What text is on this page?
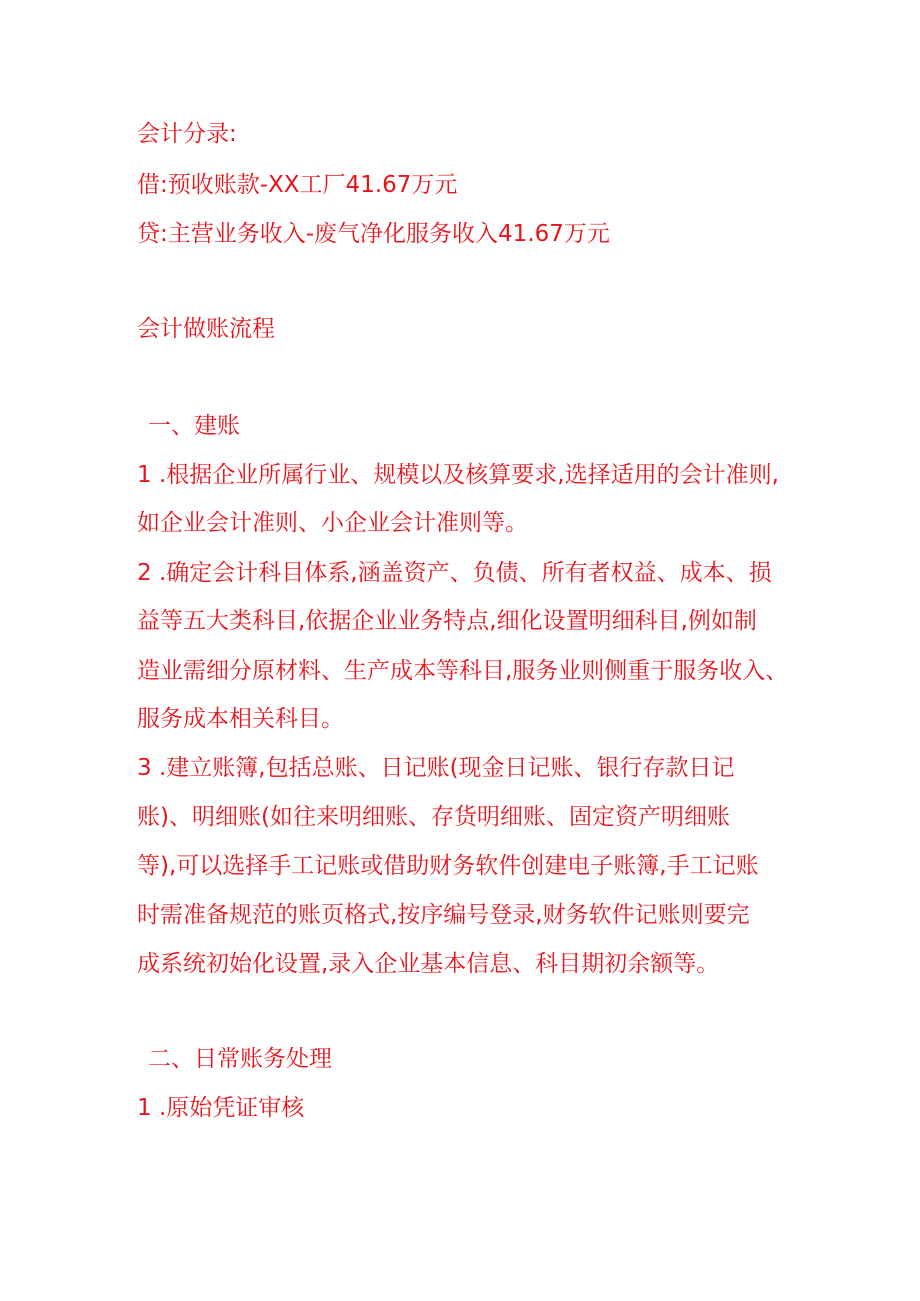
会计分录:
借:预收账款-XX工厂41.67万元
贷:主营业务收入-废气净化服务收入41.67万元
会计做账流程
一、建账
1 .根据企业所属行业、规模以及核算要求,选择适用的会计准则,
如企业会计准则、小企业会计准则等。
2 .确定会计科目体系,涵盖资产、负债、所有者权益、成本、损
益等五大类科目,依据企业业务特点,细化设置明细科目,例如制
造业需细分原材料、生产成本等科目,服务业则侧重于服务收入、
服务成本相关科目。
3 .建立账簿,包括总账、日记账(现金日记账、银行存款日记
账)、明细账(如往来明细账、存货明细账、固定资产明细账
等),可以选择手工记账或借助财务软件创建电子账簿,手工记账
时需准备规范的账页格式,按序编号登录,财务软件记账则要完
成系统初始化设置,录入企业基本信息、科目期初余额等。
二、日常账务处理
1 .原始凭证审核
